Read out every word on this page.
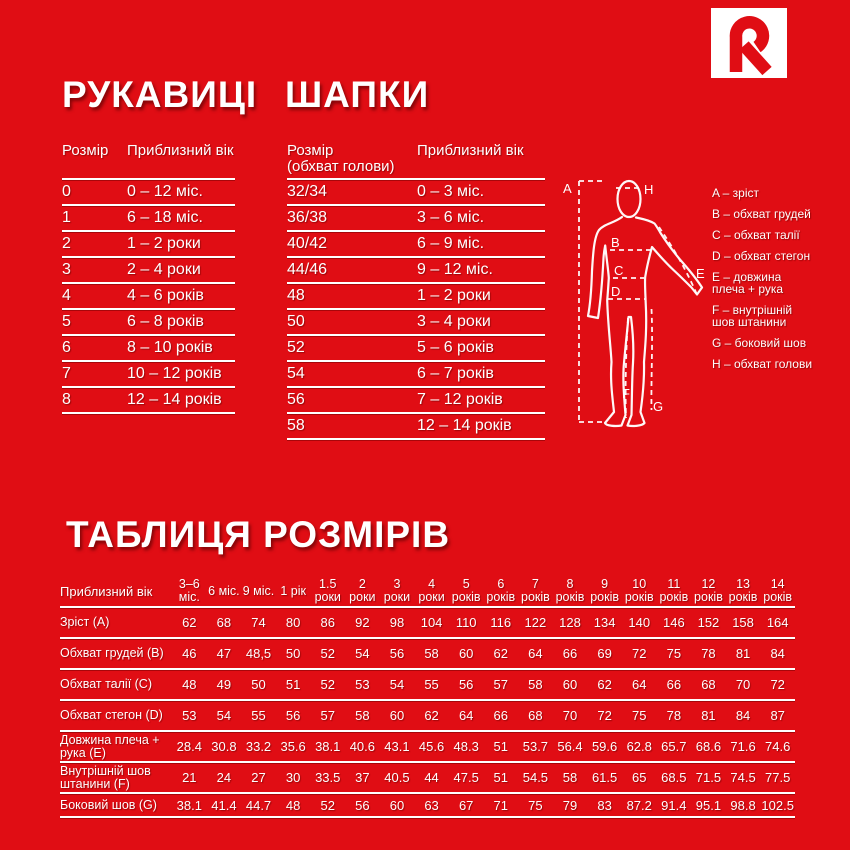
РУКАВИЦІ ШАПКИ
Розмір	Приблизний вік
0	0 – 12 міс.
1	6 – 18 міс.
2	1 – 2 роки
3	2 – 4 роки
4	4 – 6 років
5	6 – 8 років
6	8 – 10 років
7	10 – 12 років
8	12 – 14 років
Розмір
(обхват голови)
Приблизний вік
32/34	0 – 3 міс.
36/38	3 – 6 міс.
40/42	6 – 9 міс.
44/46	9 – 12 міс.
48	1 – 2 роки
50	3 – 4 роки
52	5 – 6 років
54	6 – 7 років
56	7 – 12 років
58	12 – 14 років
A
B
C
D
E
F
G
H	A – зріст
B – обхват грудей
C – обхват талії
D – обхват стегон
E – довжина плеча + рука
F – внутрішній шов штанини
G – боковий шов
H – обхват голови
ТАБЛИЦЯ РОЗМІРІВ
Приблизний вік	3–6 міс.	6 міс.	9 міс.	1 рік	1.5 роки	2 роки	3 роки	4 роки	5 років	6 років	7 років	8 років	9 років	10 років	11 років	12 років	13 років	14 років
Зріст (A)	62	68	74	80	86	92	98	104	110	116	122	128	134	140	146	152	158	164
Обхват грудей (B)	46	47	48,5	50	52	54	56	58	60	62	64	66	69	72	75	78	81	84
Обхват талії (C)	48	49	50	51	52	53	54	55	56	57	58	60	62	64	66	68	70	72
Обхват стегон (D)	53	54	55	56	57	58	60	62	64	66	68	70	72	75	78	81	84	87
Довжина плеча + рука (E)	28.4	30.8	33.2	35.6	38.1	40.6	43.1	45.6	48.3	51	53.7	56.4	59.6	62.8	65.7	68.6	71.6	74.6
Внутрішній шов штанини (F)	21	24	27	30	33.5	37	40.5	44	47.5	51	54.5	58	61.5	65	68.5	71.5	74.5	77.5
Боковий шов (G)	38.1	41.4	44.7	48	52	56	60	63	67	71	75	79	83	87.2	91.4	95.1	98.8	102.5
